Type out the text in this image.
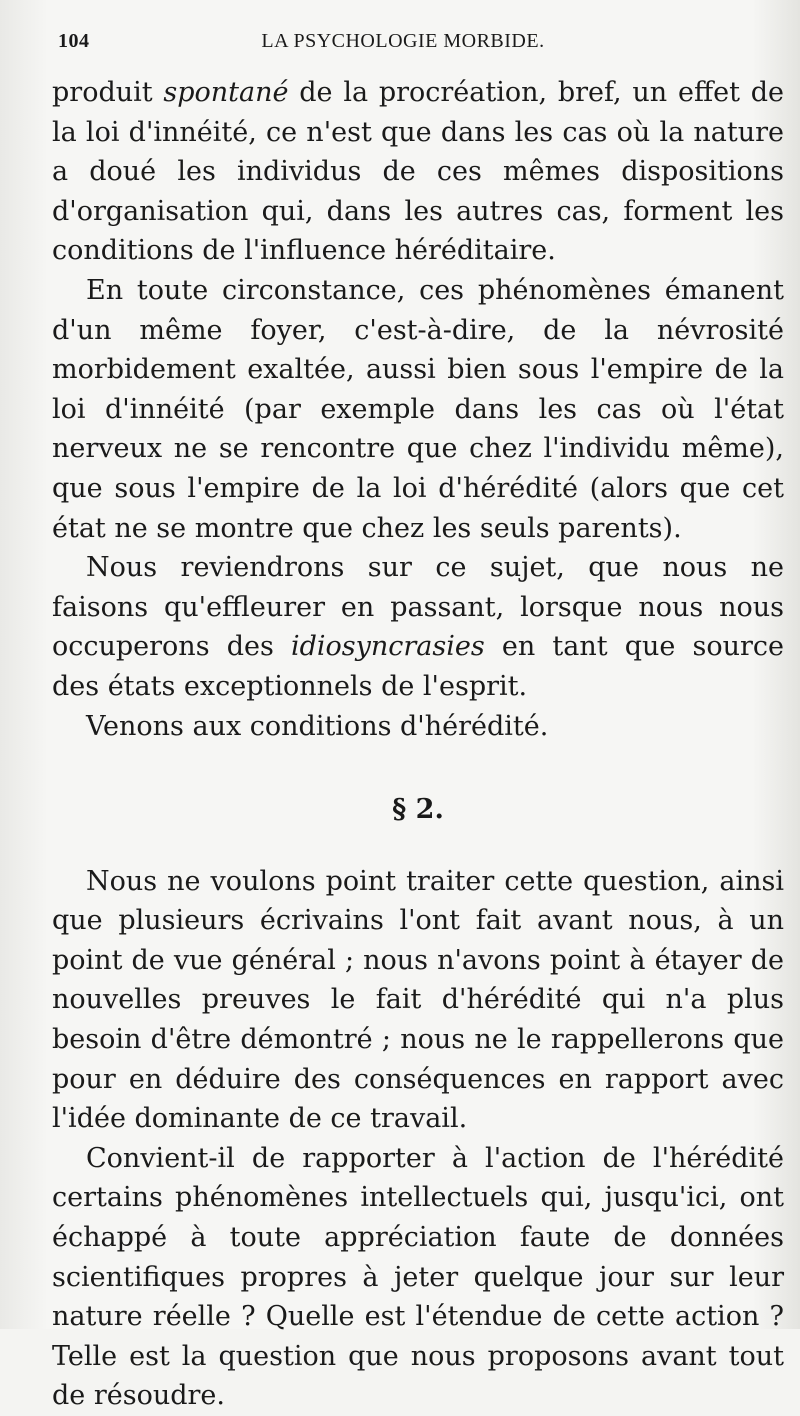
104	LA PSYCHOLOGIE MORBIDE.

produit spontané de la procréation, bref, un effet de la loi d'innéité, ce n'est que dans les cas où la nature a doué les individus de ces mêmes dispositions d'organisation qui, dans les autres cas, forment les conditions de l'influence héréditaire.

En toute circonstance, ces phénomènes émanent d'un même foyer, c'est-à-dire, de la névrosité morbidement exaltée, aussi bien sous l'empire de la loi d'innéité (par exemple dans les cas où l'état nerveux ne se rencontre que chez l'individu même), que sous l'empire de la loi d'hérédité (alors que cet état ne se montre que chez les seuls parents).

Nous reviendrons sur ce sujet, que nous ne faisons qu'effleurer en passant, lorsque nous nous occuperons des idiosyncrasies en tant que source des états exceptionnels de l'esprit.

Venons aux conditions d'hérédité.

§ 2.

Nous ne voulons point traiter cette question, ainsi que plusieurs écrivains l'ont fait avant nous, à un point de vue général ; nous n'avons point à étayer de nouvelles preuves le fait d'hérédité qui n'a plus besoin d'être démontré ; nous ne le rappellerons que pour en déduire des conséquences en rapport avec l'idée dominante de ce travail.

Convient-il de rapporter à l'action de l'hérédité certains phénomènes intellectuels qui, jusqu'ici, ont échappé à toute appréciation faute de données scientifiques propres à jeter quelque jour sur leur nature réelle ? Quelle est l'étendue de cette action ? Telle est la question que nous proposons avant tout de résoudre.
